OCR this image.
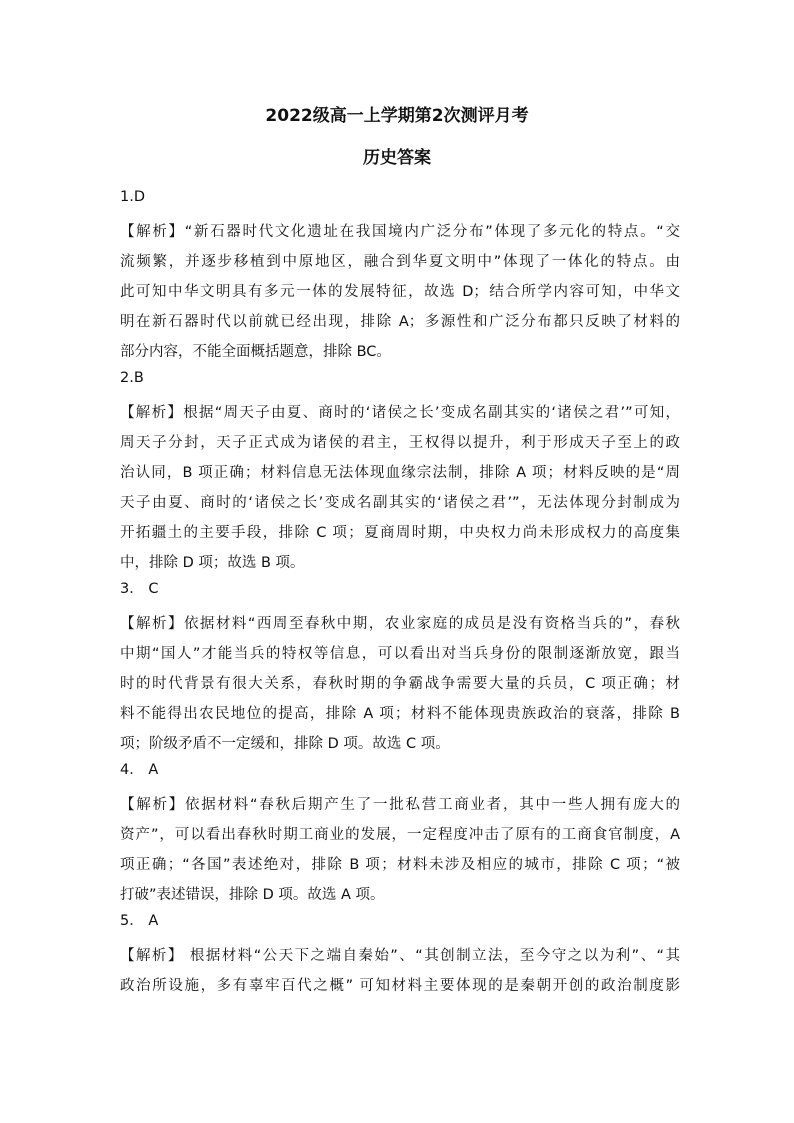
2022级高一上学期第2次测评月考
历史答案
1.D
【解析】“新石器时代文化遗址在我国境内广泛分布”体现了多元化的特点。“交
流频繁，并逐步移植到中原地区，融合到华夏文明中”体现了一体化的特点。由
此可知中华文明具有多元一体的发展特征，故选 D；结合所学内容可知，中华文
明在新石器时代以前就已经出现，排除 A；多源性和广泛分布都只反映了材料的
部分内容，不能全面概括题意，排除 BC。
2.B
【解析】根据“周天子由夏、商时的‘诸侯之长’变成名副其实的‘诸侯之君’”可知，
周天子分封，天子正式成为诸侯的君主，王权得以提升，利于形成天子至上的政
治认同，B 项正确；材料信息无法体现血缘宗法制，排除 A 项；材料反映的是“周
天子由夏、商时的‘诸侯之长’变成名副其实的‘诸侯之君’”，无法体现分封制成为
开拓疆土的主要手段，排除 C 项；夏商周时期，中央权力尚未形成权力的高度集
中，排除 D 项；故选 B 项。
3． C
【解析】依据材料“西周至春秋中期，农业家庭的成员是没有资格当兵的”，春秋
中期“国人”才能当兵的特权等信息，可以看出对当兵身份的限制逐渐放宽，跟当
时的时代背景有很大关系，春秋时期的争霸战争需要大量的兵员，C 项正确；材
料不能得出农民地位的提高，排除 A 项；材料不能体现贵族政治的衰落，排除 B
项；阶级矛盾不一定缓和，排除 D 项。故选 C 项。
4． A
【解析】依据材料“春秋后期产生了一批私营工商业者，其中一些人拥有庞大的
资产”，可以看出春秋时期工商业的发展，一定程度冲击了原有的工商食官制度，A
项正确；“各国”表述绝对，排除 B 项；材料未涉及相应的城市，排除 C 项；“被
打破”表述错误，排除 D 项。故选 A 项。
5． A
【解析】 根据材料“公天下之端自秦始”、“其创制立法，至今守之以为利”、“其
政治所设施，多有辜牢百代之概” 可知材料主要体现的是秦朝开创的政治制度影
